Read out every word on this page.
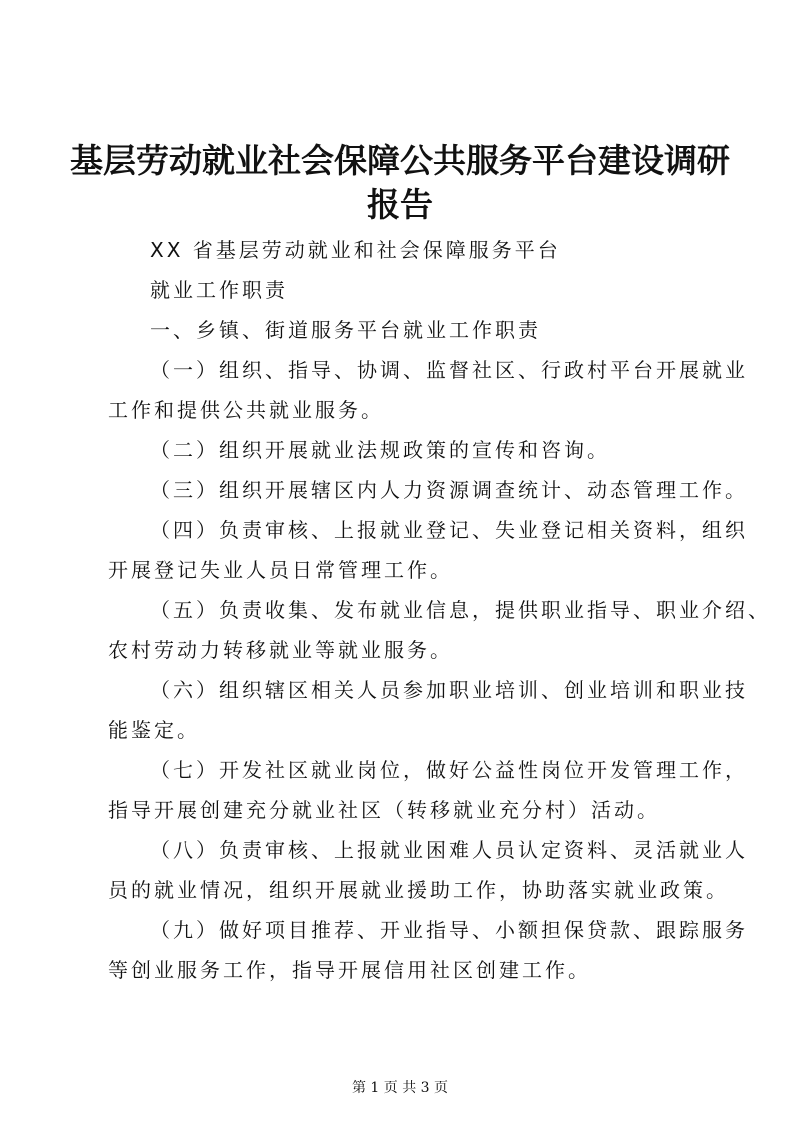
基层劳动就业社会保障公共服务平台建设调研
报告
XX 省基层劳动就业和社会保障服务平台
就业工作职责
一、乡镇、街道服务平台就业工作职责
（一）组织、指导、协调、监督社区、行政村平台开展就业
工作和提供公共就业服务。
（二）组织开展就业法规政策的宣传和咨询。
（三）组织开展辖区内人力资源调查统计、动态管理工作。
（四）负责审核、上报就业登记、失业登记相关资料，组织
开展登记失业人员日常管理工作。
（五）负责收集、发布就业信息，提供职业指导、职业介绍、
农村劳动力转移就业等就业服务。
（六）组织辖区相关人员参加职业培训、创业培训和职业技
能鉴定。
（七）开发社区就业岗位，做好公益性岗位开发管理工作，
指导开展创建充分就业社区（转移就业充分村）活动。
（八）负责审核、上报就业困难人员认定资料、灵活就业人
员的就业情况，组织开展就业援助工作，协助落实就业政策。
（九）做好项目推荐、开业指导、小额担保贷款、跟踪服务
等创业服务工作，指导开展信用社区创建工作。
第 1 页 共 3 页
